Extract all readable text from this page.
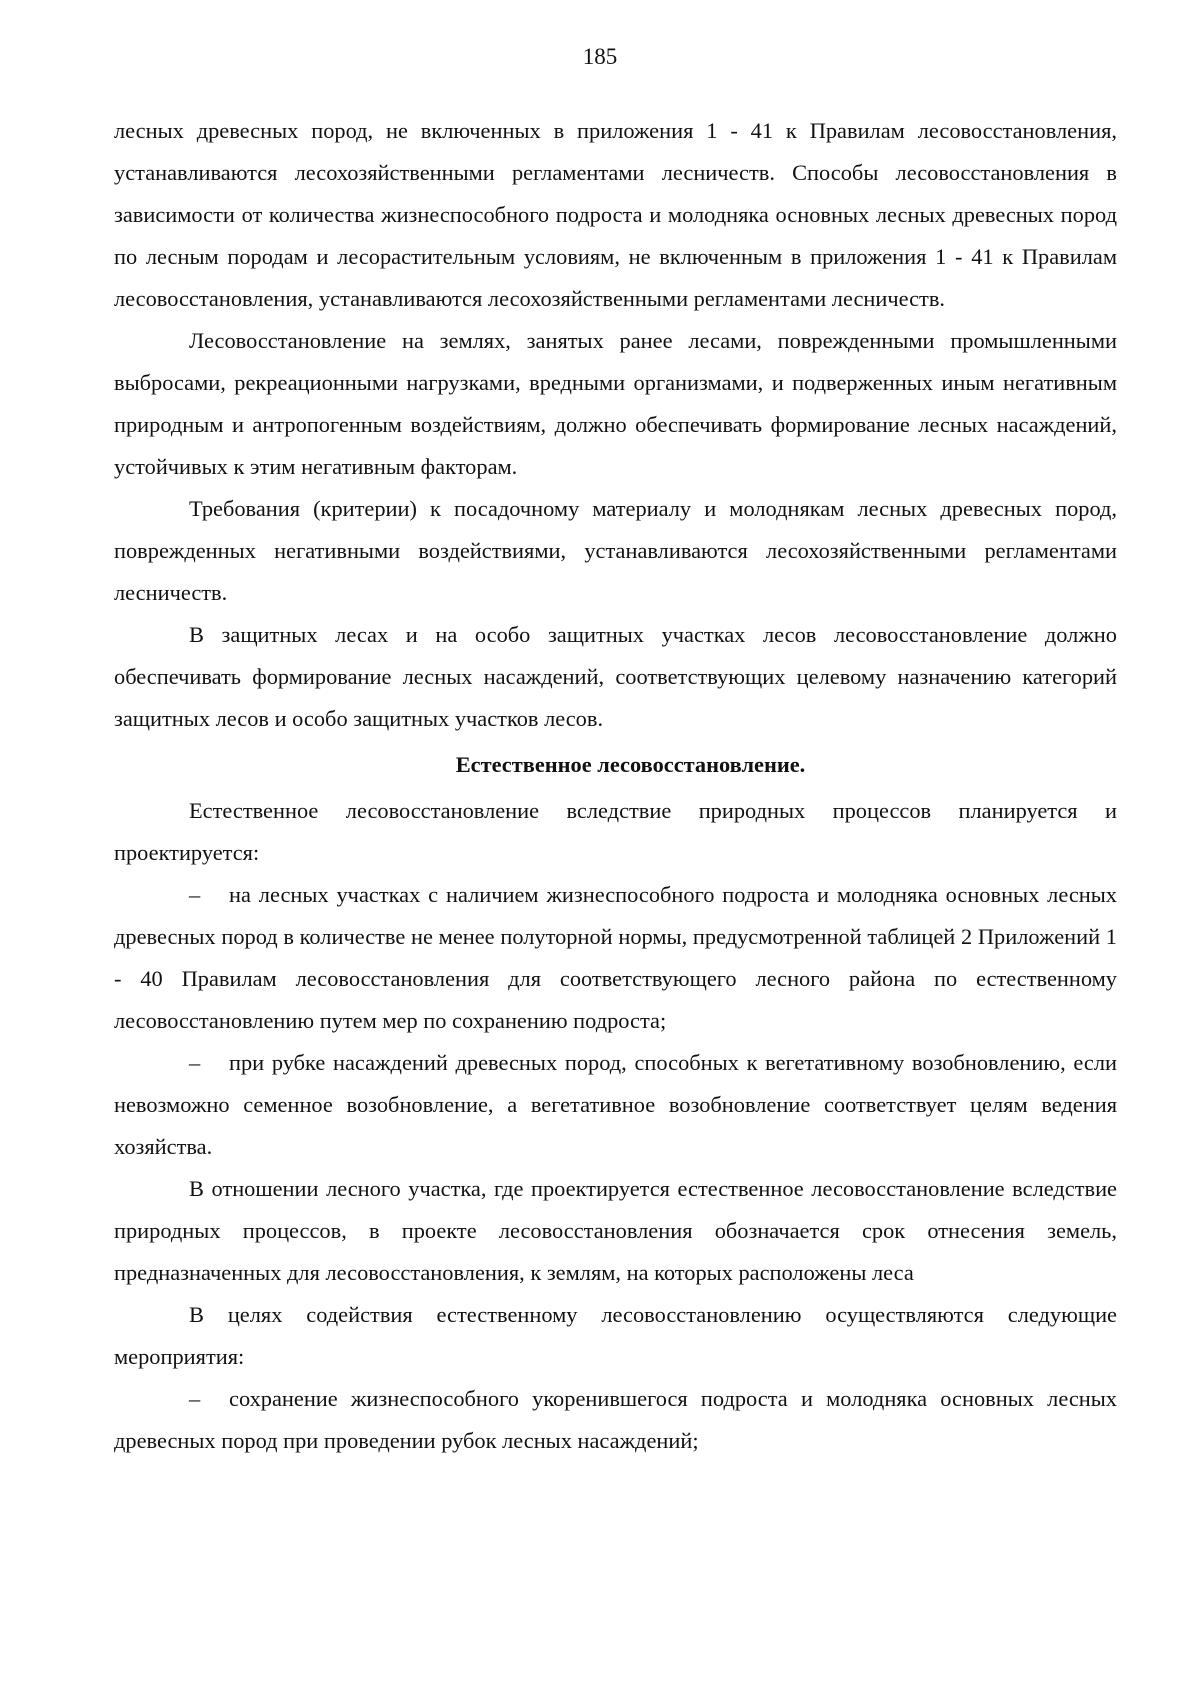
185

лесных древесных пород, не включенных в приложения 1 - 41 к Правилам лесовосстановления, устанавливаются лесохозяйственными регламентами лесничеств. Способы лесовосстановления в зависимости от количества жизнеспособного подроста и молодняка основных лесных древесных пород по лесным породам и лесорастительным условиям, не включенным в приложения 1 - 41 к Правилам лесовосстановления, устанавливаются лесохозяйственными регламентами лесничеств.

Лесовосстановление на землях, занятых ранее лесами, поврежденными промышленными выбросами, рекреационными нагрузками, вредными организмами, и подверженных иным негативным природным и антропогенным воздействиям, должно обеспечивать формирование лесных насаждений, устойчивых к этим негативным факторам.

Требования (критерии) к посадочному материалу и молоднякам лесных древесных пород, поврежденных негативными воздействиями, устанавливаются лесохозяйственными регламентами лесничеств.

В защитных лесах и на особо защитных участках лесов лесовосстановление должно обеспечивать формирование лесных насаждений, соответствующих целевому назначению категорий защитных лесов и особо защитных участков лесов.

Естественное лесовосстановление.

Естественное лесовосстановление вследствие природных процессов планируется и проектируется:

– на лесных участках с наличием жизнеспособного подроста и молодняка основных лесных древесных пород в количестве не менее полуторной нормы, предусмотренной таблицей 2 Приложений 1 - 40 Правилам лесовосстановления для соответствующего лесного района по естественному лесовосстановлению путем мер по сохранению подроста;

– при рубке насаждений древесных пород, способных к вегетативному возобновлению, если невозможно семенное возобновление, а вегетативное возобновление соответствует целям ведения хозяйства.

В отношении лесного участка, где проектируется естественное лесовосстановление вследствие природных процессов, в проекте лесовосстановления обозначается срок отнесения земель, предназначенных для лесовосстановления, к землям, на которых расположены леса

В целях содействия естественному лесовосстановлению осуществляются следующие мероприятия:

– сохранение жизнеспособного укоренившегося подроста и молодняка основных лесных древесных пород при проведении рубок лесных насаждений;
